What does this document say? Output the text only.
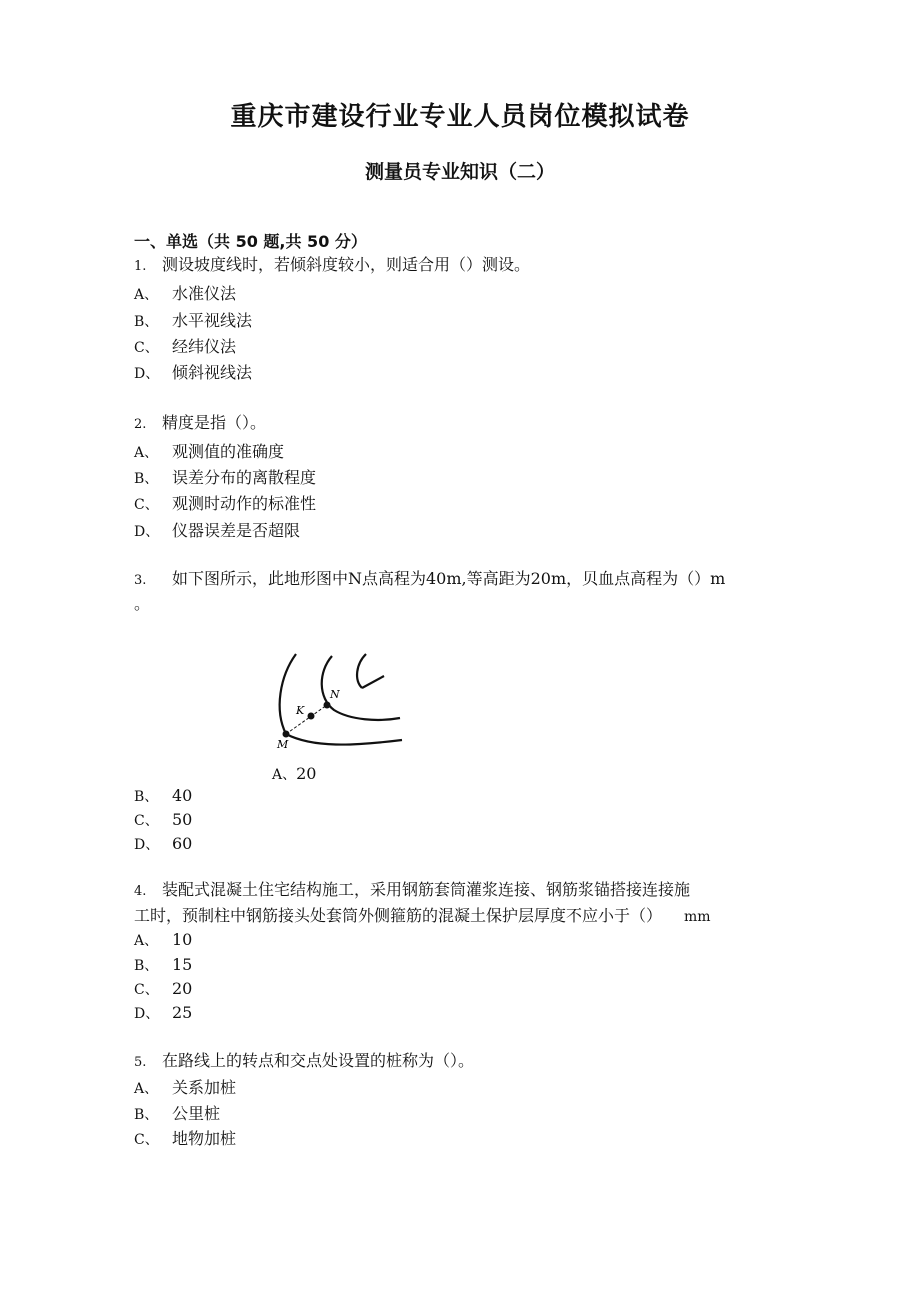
重庆市建设行业专业人员岗位模拟试卷
测量员专业知识（二）
一、单选（共 50 题,共 50 分）
1. 测设坡度线时，若倾斜度较小，则适合用（）测设。
A、 水准仪法
B、 水平视线法
C、 经纬仪法
D、 倾斜视线法
2. 精度是指（）。
A、 观测值的准确度
B、 误差分布的离散程度
C、 观测时动作的标准性
D、 仪器误差是否超限
3. 如下图所示，此地形图中N点高程为40m,等高距为20m，贝血点高程为（）m
。
K
N
M
A、20
B、 40
C、 50
D、 60
4. 装配式混凝土住宅结构施工，采用钢筋套筒灌浆连接、钢筋浆锚搭接连接施
工时，预制柱中钢筋接头处套筒外侧箍筋的混凝土保护层厚度不应小于（） mm
A、 10
B、 15
C、 20
D、 25
5. 在路线上的转点和交点处设置的桩称为（）。
A、 关系加桩
B、 公里桩
C、 地物加桩
